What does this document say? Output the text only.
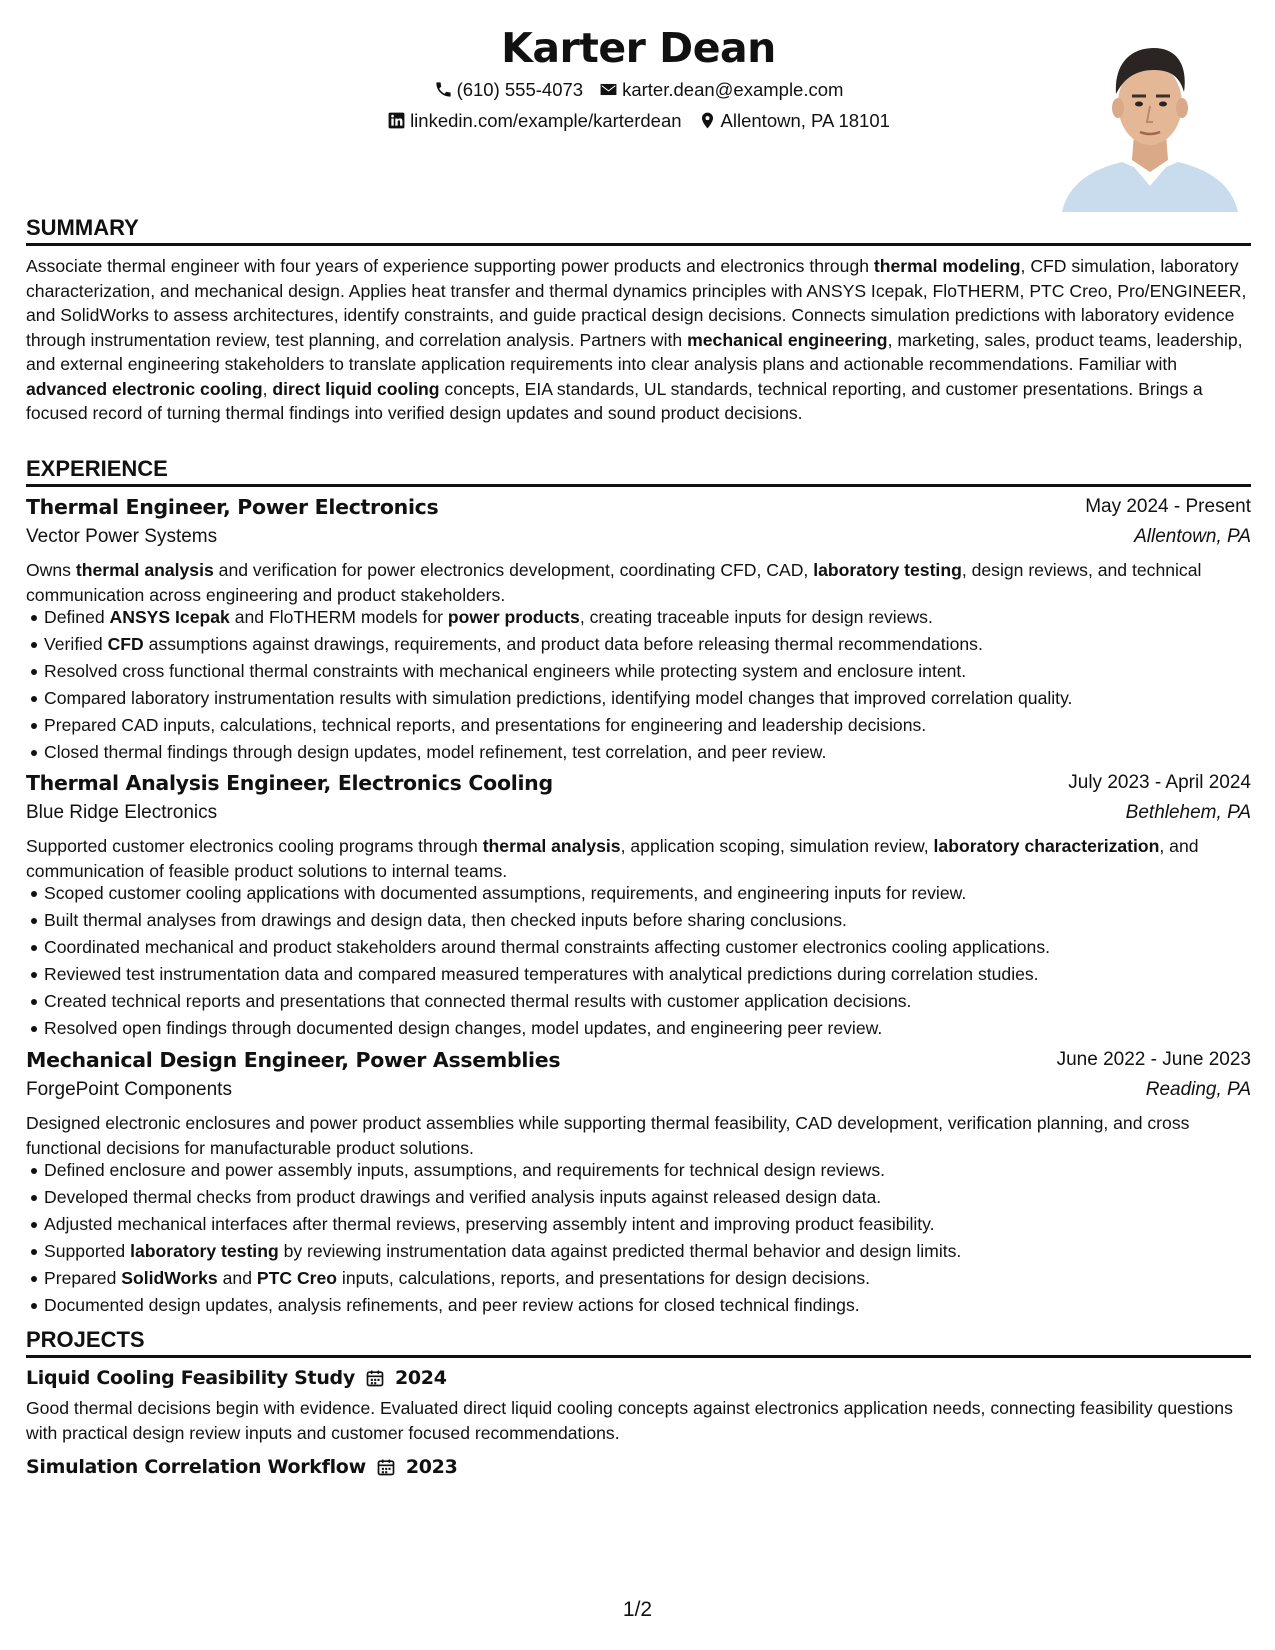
Karter Dean
(610) 555-4073 karter.dean@example.com
linkedin.com/example/karterdean Allentown, PA 18101
SUMMARY

Associate thermal engineer with four years of experience supporting power products and electronics through thermal modeling, CFD simulation, laboratory characterization, and mechanical design. Applies heat transfer and thermal dynamics principles with ANSYS Icepak, FloTHERM, PTC Creo, Pro/ENGINEER, and SolidWorks to assess architectures, identify constraints, and guide practical design decisions. Connects simulation predictions with laboratory evidence through instrumentation review, test planning, and correlation analysis. Partners with mechanical engineering, marketing, sales, product teams, leadership, and external engineering stakeholders to translate application requirements into clear analysis plans and actionable recommendations. Familiar with advanced electronic cooling, direct liquid cooling concepts, EIA standards, UL standards, technical reporting, and customer presentations. Brings a focused record of turning thermal findings into verified design updates and sound product decisions.

EXPERIENCE
Thermal Engineer, Power Electronics	May 2024 - Present
Vector Power Systems	Allentown, PA

Owns thermal analysis and verification for power electronics development, coordinating CFD, CAD, laboratory testing, design reviews, and technical communication across engineering and product stakeholders.

Defined ANSYS Icepak and FloTHERM models for power products, creating traceable inputs for design reviews.
Verified CFD assumptions against drawings, requirements, and product data before releasing thermal recommendations.
Resolved cross functional thermal constraints with mechanical engineers while protecting system and enclosure intent.
Compared laboratory instrumentation results with simulation predictions, identifying model changes that improved correlation quality.
Prepared CAD inputs, calculations, technical reports, and presentations for engineering and leadership decisions.
Closed thermal findings through design updates, model refinement, test correlation, and peer review.
Thermal Analysis Engineer, Electronics Cooling	July 2023 - April 2024
Blue Ridge Electronics	Bethlehem, PA

Supported customer electronics cooling programs through thermal analysis, application scoping, simulation review, laboratory characterization, and communication of feasible product solutions to internal teams.

Scoped customer cooling applications with documented assumptions, requirements, and engineering inputs for review.
Built thermal analyses from drawings and design data, then checked inputs before sharing conclusions.
Coordinated mechanical and product stakeholders around thermal constraints affecting customer electronics cooling applications.
Reviewed test instrumentation data and compared measured temperatures with analytical predictions during correlation studies.
Created technical reports and presentations that connected thermal results with customer application decisions.
Resolved open findings through documented design changes, model updates, and engineering peer review.
Mechanical Design Engineer, Power Assemblies	June 2022 - June 2023
ForgePoint Components	Reading, PA

Designed electronic enclosures and power product assemblies while supporting thermal feasibility, CAD development, verification planning, and cross functional decisions for manufacturable product solutions.

Defined enclosure and power assembly inputs, assumptions, and requirements for technical design reviews.
Developed thermal checks from product drawings and verified analysis inputs against released design data.
Adjusted mechanical interfaces after thermal reviews, preserving assembly intent and improving product feasibility.
Supported laboratory testing by reviewing instrumentation data against predicted thermal behavior and design limits.
Prepared SolidWorks and PTC Creo inputs, calculations, reports, and presentations for design decisions.
Documented design updates, analysis refinements, and peer review actions for closed technical findings.
PROJECTS
Liquid Cooling Feasibility Study 2024

Good thermal decisions begin with evidence. Evaluated direct liquid cooling concepts against electronics application needs, connecting feasibility questions with practical design review inputs and customer focused recommendations.

Simulation Correlation Workflow 2023
1/2
